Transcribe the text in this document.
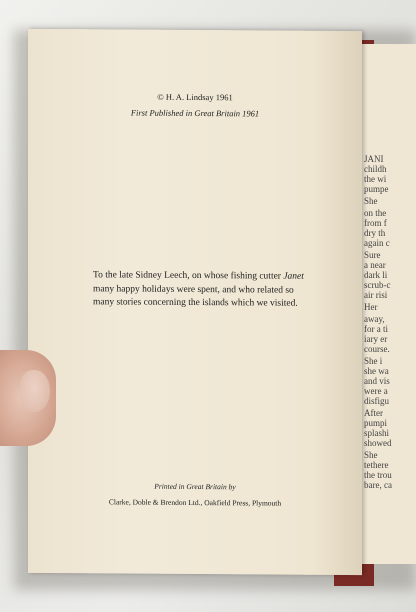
JANI
childh
the wi
pumpe
She
on the
from f
dry th
again c
Sure
a near
dark li
scrub-c
air risi
Her
away,
for a ti
iary er
course.
She i
she wa
and vis
were a
disfigu
After
pumpi
splashi
showed
She
tethere
the trou
bare, ca
© H. A. Lindsay 1961
First Published in Great Britain 1961
To the late Sidney Leech, on whose fishing cutter Janet many happy holidays were spent, and who related so many stories concerning the islands which we visited.
Printed in Great Britain by
Clarke, Doble & Brendon Ltd., Oakfield Press, Plymouth
